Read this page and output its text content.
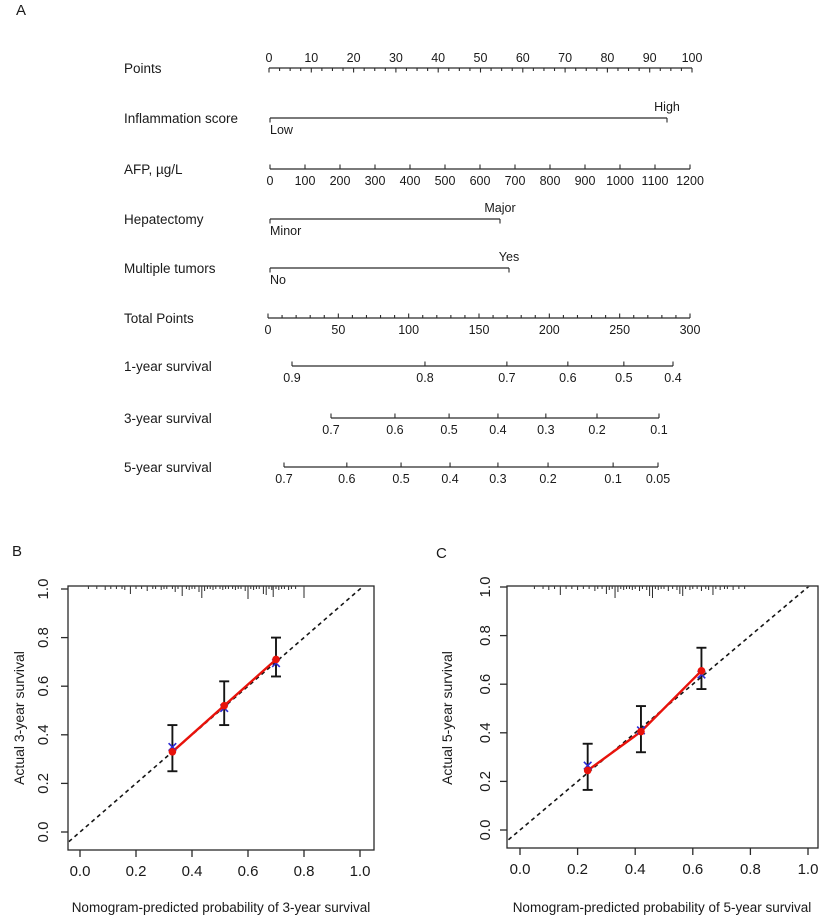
A
B	C
Points
0	10 20 30 40 50 60 70 80 90 100
Inflammation score
Low
High
AFP, µg/L
0 100 200 300 400 500 600 700 800 900 1000 1100 1200
Hepatectomy
Minor
Major
Multiple tumors
No
Yes
Total Points
0	50	100	150	200	250	300
1-year survival
0.9	0.8	0.7	0.6	0.5	0.4
3-year survival
0.7	0.6	0.5	0.4 0.3	0.2	0.1
5-year survival
0.7	0.6	0.5	0.4 0.3	0.2	0.1 0.05
0.0 0.2 0.4 0.6 0.8 1.0
0.0
0.2
0.4
0.6
0.8
1.0
Nomogram-predicted probability of 3-year survival
Actual 3-year survival
0.0 0.2 0.4 0.6 0.8 1.0
0.0
0.2
0.4
0.6
0.8
1.0
Nomogram-predicted probability of 5-year survival
Actual 5-year survival
